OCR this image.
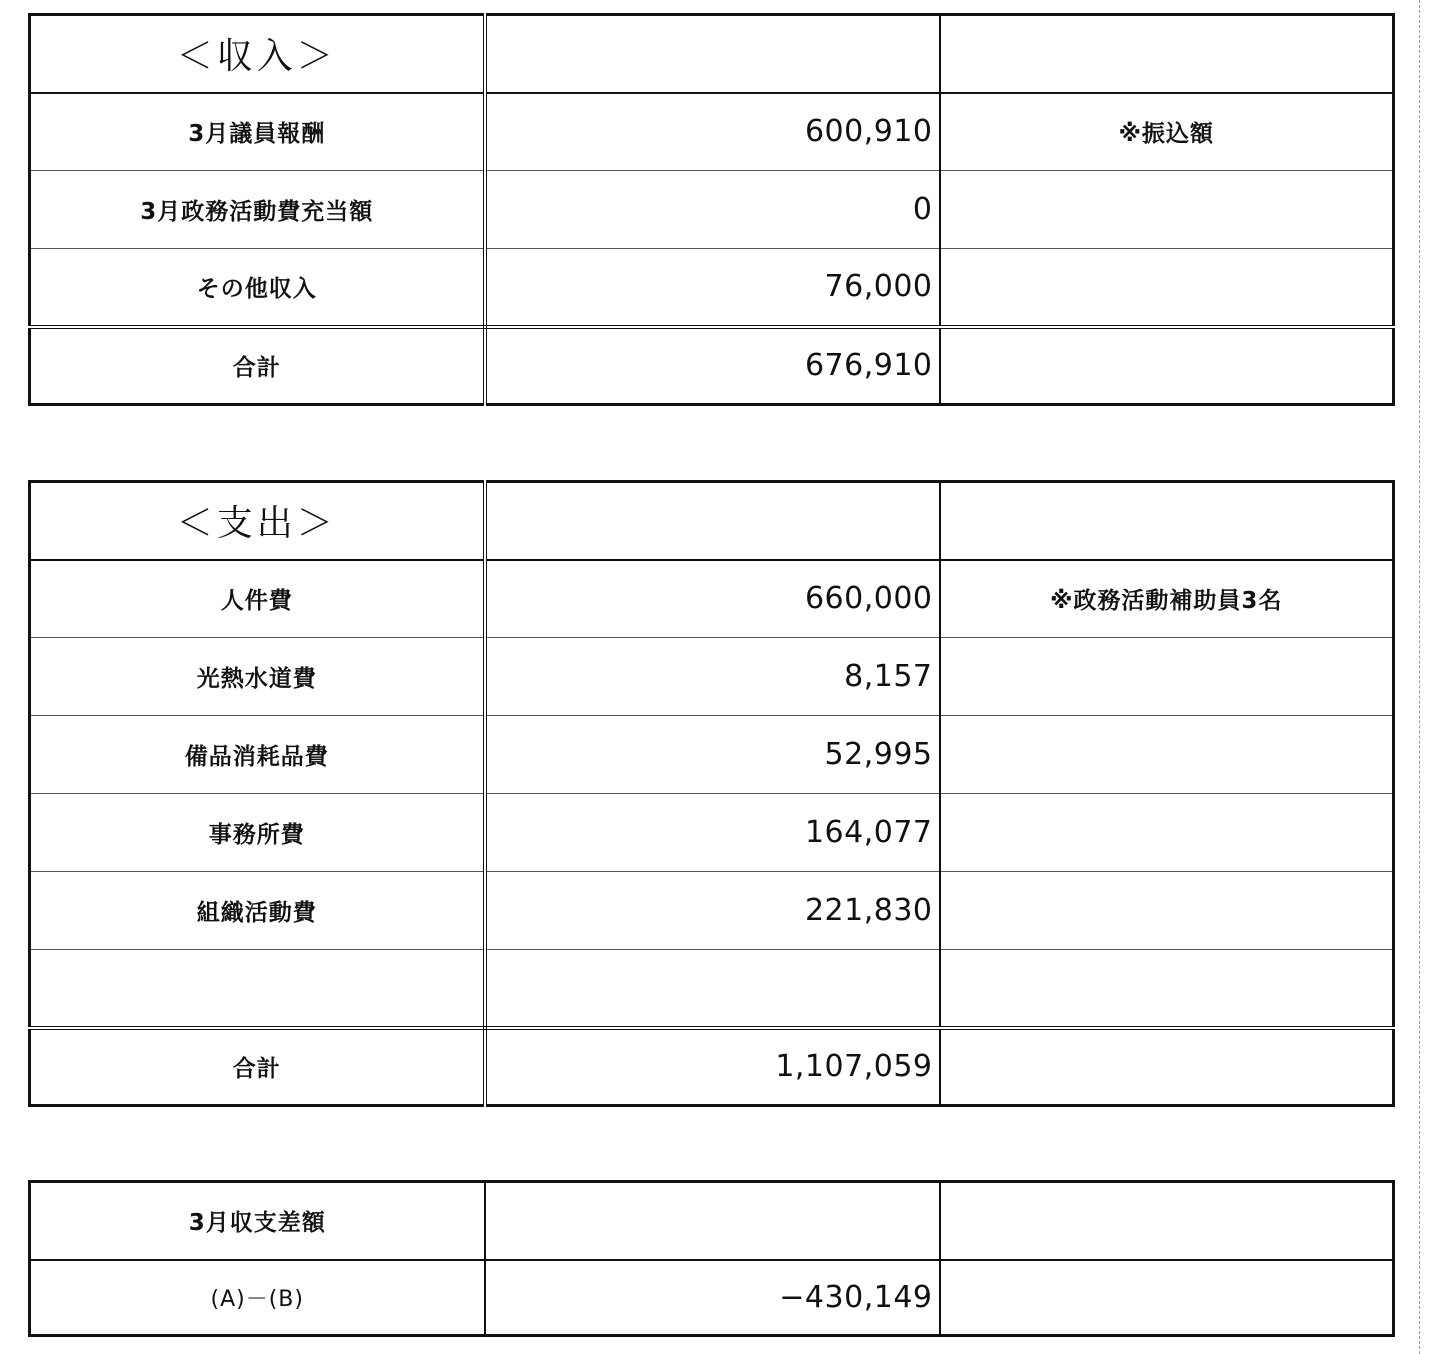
＜収入＞		
3月議員報酬	600,910	※振込額
3月政務活動費充当額	0	
その他収入	76,000	
合計	676,910	
＜支出＞		
人件費	660,000	※政務活動補助員3名
光熱水道費	8,157	
備品消耗品費	52,995	
事務所費	164,077	
組織活動費	221,830	

合計	1,107,059	
3月収支差額		
(A)－(B)	−430,149	
